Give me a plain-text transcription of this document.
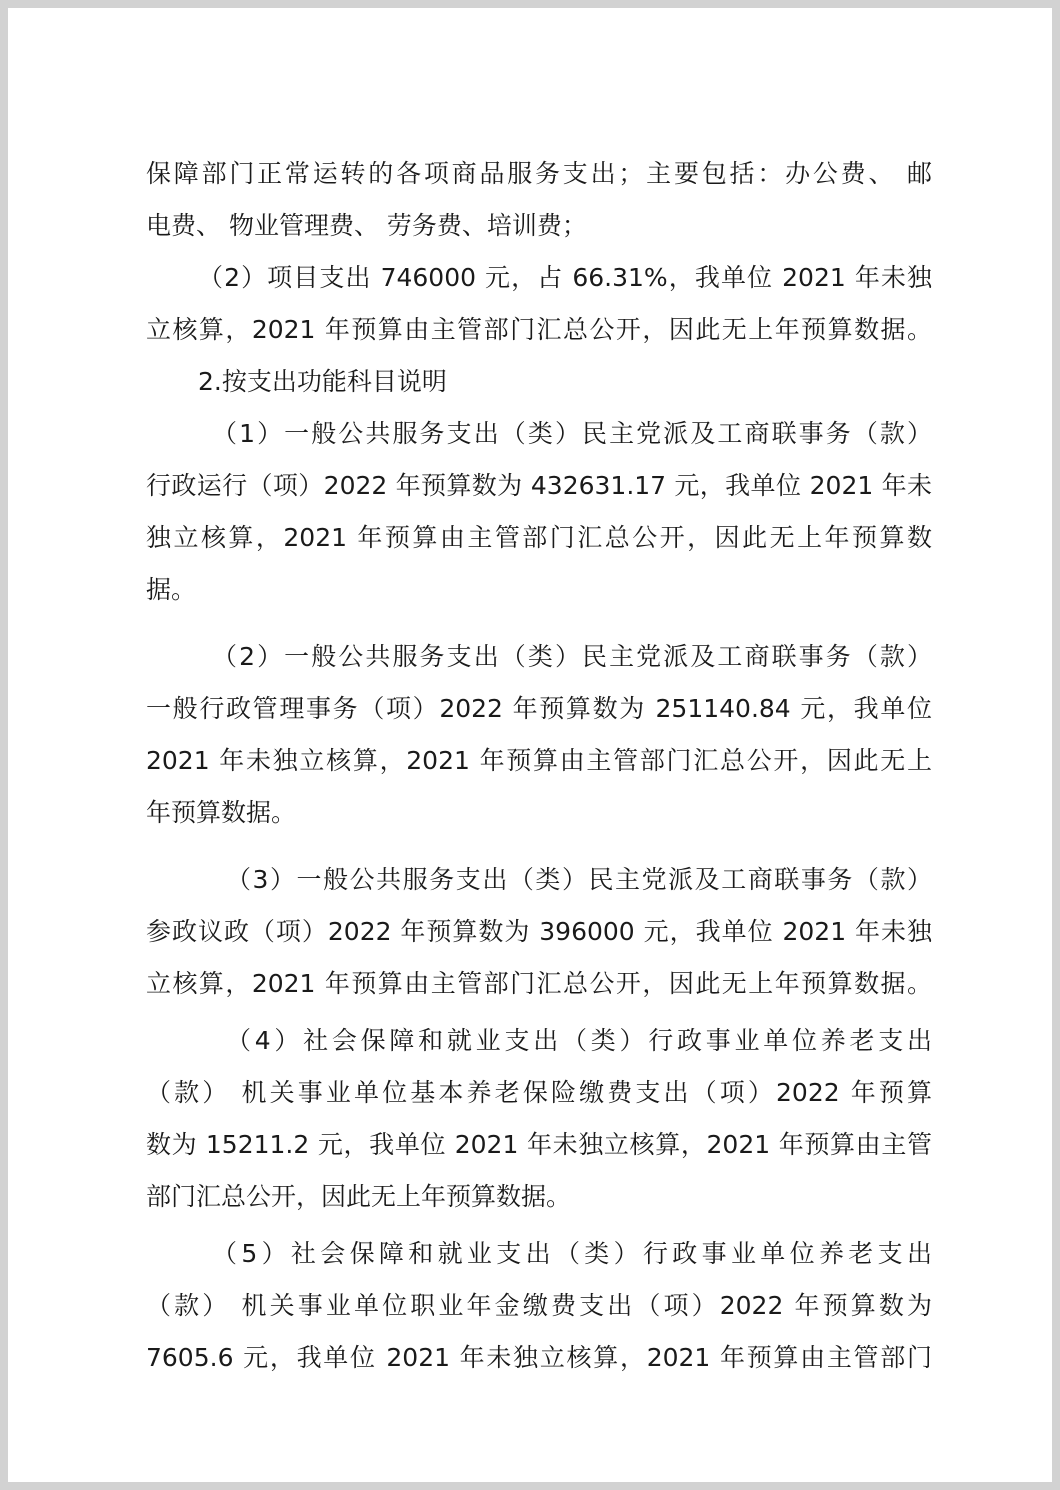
保障部门正常运转的各项商品服务支出；主要包括：办公费、 邮
电费、 物业管理费、 劳务费、培训费；
（2）项目支出 746000 元，占 66.31%，我单位 2021 年未独
立核算，2021 年预算由主管部门汇总公开，因此无上年预算数据。
2.按支出功能科目说明
（1）一般公共服务支出（类）民主党派及工商联事务（款）
行政运行（项）2022 年预算数为 432631.17 元，我单位 2021 年未
独立核算，2021 年预算由主管部门汇总公开，因此无上年预算数
据。
（2）一般公共服务支出（类）民主党派及工商联事务（款）
一般行政管理事务（项）2022 年预算数为 251140.84 元，我单位
2021 年未独立核算，2021 年预算由主管部门汇总公开，因此无上
年预算数据。
（3）一般公共服务支出（类）民主党派及工商联事务（款）
参政议政（项）2022 年预算数为 396000 元，我单位 2021 年未独
立核算，2021 年预算由主管部门汇总公开，因此无上年预算数据。
（4）社会保障和就业支出（类）行政事业单位养老支出
（款） 机关事业单位基本养老保险缴费支出（项）2022 年预算
数为 15211.2 元，我单位 2021 年未独立核算，2021 年预算由主管
部门汇总公开，因此无上年预算数据。
（5）社会保障和就业支出（类）行政事业单位养老支出
（款） 机关事业单位职业年金缴费支出（项）2022 年预算数为
7605.6 元，我单位 2021 年未独立核算，2021 年预算由主管部门
